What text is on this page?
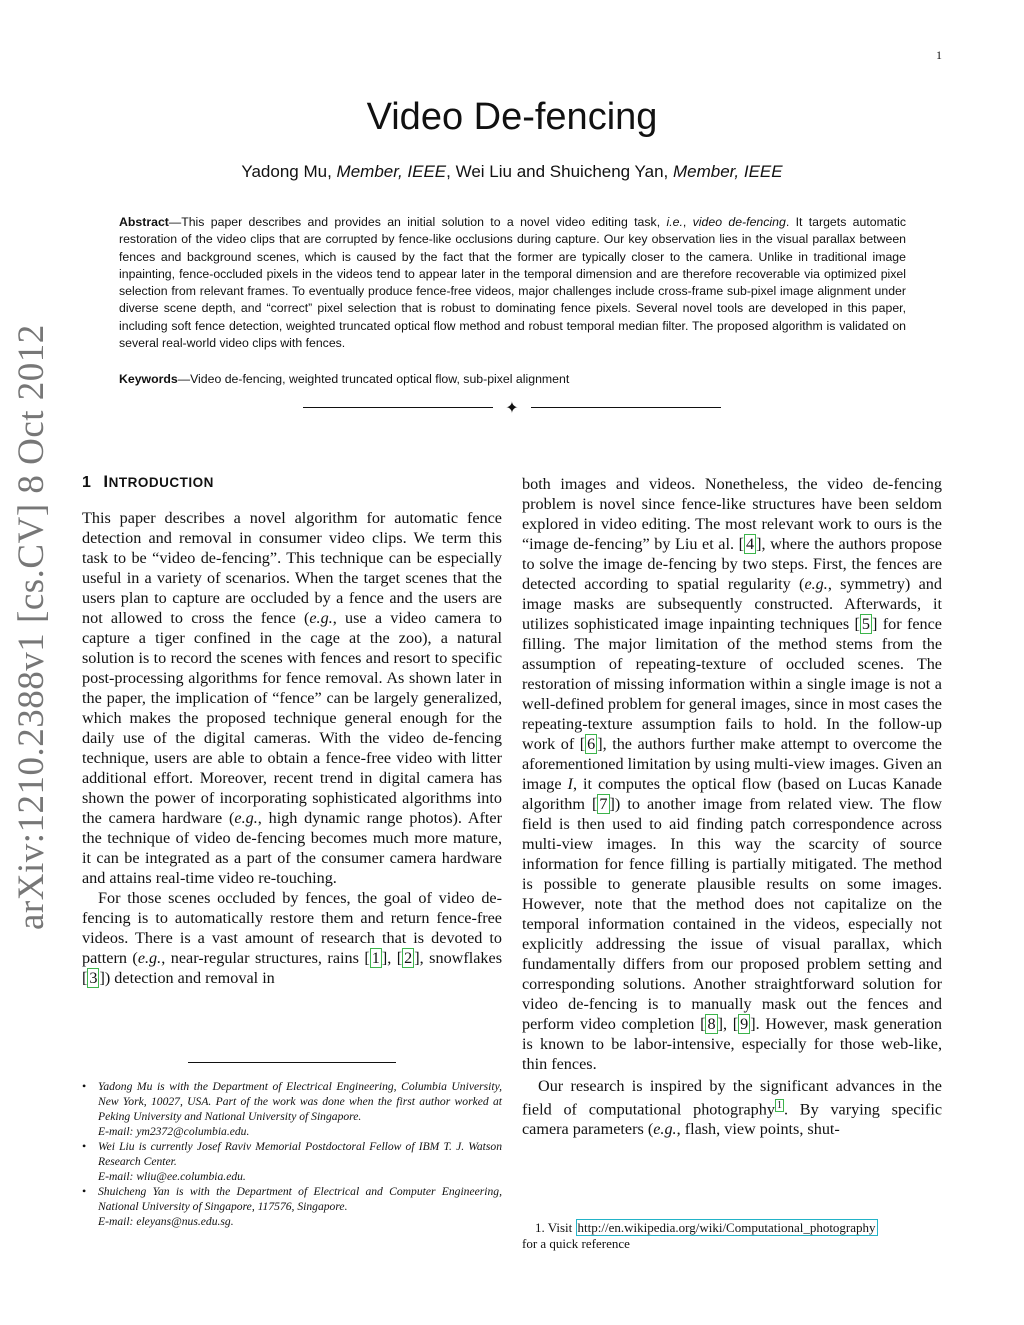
1
Video De-fencing
Yadong Mu, Member, IEEE, Wei Liu and Shuicheng Yan, Member, IEEE
Abstract—This paper describes and provides an initial solution to a novel video editing task, i.e., video de-fencing. It targets automatic restoration of the video clips that are corrupted by fence-like occlusions during capture. Our key observation lies in the visual parallax between fences and background scenes, which is caused by the fact that the former are typically closer to the camera. Unlike in traditional image inpainting, fence-occluded pixels in the videos tend to appear later in the temporal dimension and are therefore recoverable via optimized pixel selection from relevant frames. To eventually produce fence-free videos, major challenges include cross-frame sub-pixel image alignment under diverse scene depth, and “correct” pixel selection that is robust to dominating fence pixels. Several novel tools are developed in this paper, including soft fence detection, weighted truncated optical flow method and robust temporal median filter. The proposed algorithm is validated on several real-world video clips with fences.
Keywords—Video de-fencing, weighted truncated optical flow, sub-pixel alignment
✦
arXiv:1210.2388v1 [cs.CV] 8 Oct 2012 1 INTRODUCTION

This paper describes a novel algorithm for automatic fence detection and removal in consumer video clips. We term this task to be “video de-fencing”. This technique can be especially useful in a variety of scenarios. When the target scenes that the users plan to capture are occluded by a fence and the users are not allowed to cross the fence (e.g., use a video camera to capture a tiger confined in the cage at the zoo), a natural solution is to record the scenes with fences and resort to specific post-processing algorithms for fence removal. As shown later in the paper, the implication of “fence” can be largely generalized, which makes the proposed technique general enough for the daily use of the digital cameras. With the video de-fencing technique, users are able to obtain a fence-free video with litter additional effort. Moreover, recent trend in digital camera has shown the power of incorporating sophisticated algorithms into the camera hardware (e.g., high dynamic range photos). After the technique of video de-fencing becomes much more mature, it can be integrated as a part of the consumer camera hardware and attains real-time video re-touching.

For those scenes occluded by fences, the goal of video de-fencing is to automatically restore them and return fence-free videos. There is a vast amount of research that is devoted to pattern (e.g., near-regular structures, rains [ 1 ], [ 2 ], snowflakes [ 3 ]) detection and removal in

• Yadong Mu is with the Department of Electrical Engineering, Columbia University, New York, 10027, USA. Part of the work was done when the first author worked at Peking University and National University of Singapore.
E-mail: ym2372@columbia.edu.
• Wei Liu is currently Josef Raviv Memorial Postdoctoral Fellow of IBM T. J. Watson Research Center.
E-mail: wliu@ee.columbia.edu.
• Shuicheng Yan is with the Department of Electrical and Computer Engineering, National University of Singapore, 117576, Singapore.
E-mail: eleyans@nus.edu.sg.

both images and videos. Nonetheless, the video de-fencing problem is novel since fence-like structures have been seldom explored in video editing. The most relevant work to ours is the “image de-fencing” by Liu et al. [ 4 ], where the authors propose to solve the image de-fencing by two steps. First, the fences are detected according to spatial regularity (e.g., symmetry) and image masks are subsequently constructed. Afterwards, it utilizes sophisticated image inpainting techniques [ 5 ] for fence filling. The major limitation of the method stems from the assumption of repeating-texture of occluded scenes. The restoration of missing information within a single image is not a well-defined problem for general images, since in most cases the repeating-texture assumption fails to hold. In the follow-up work of [ 6 ], the authors further make attempt to overcome the aforementioned limitation by using multi-view images. Given an image I, it computes the optical flow (based on Lucas Kanade algorithm [ 7 ]) to another image from related view. The flow field is then used to aid finding patch correspondence across multi-view images. In this way the scarcity of source information for fence filling is partially mitigated. The method is possible to generate plausible results on some images. However, note that the method does not capitalize on the temporal information contained in the videos, especially not explicitly addressing the issue of visual parallax, which fundamentally differs from our proposed problem setting and corresponding solutions. Another straightforward solution for video de-fencing is to manually mask out the fences and perform video completion [ 8 ], [ 9 ]. However, mask generation is known to be labor-intensive, especially for those web-like, thin fences.

Our research is inspired by the significant advances in the field of computational photography $^1$ . By varying specific camera parameters (e.g., flash, view points, shut-

1. Visit http://en.wikipedia.org/wiki/Computational_photography
for a quick reference
